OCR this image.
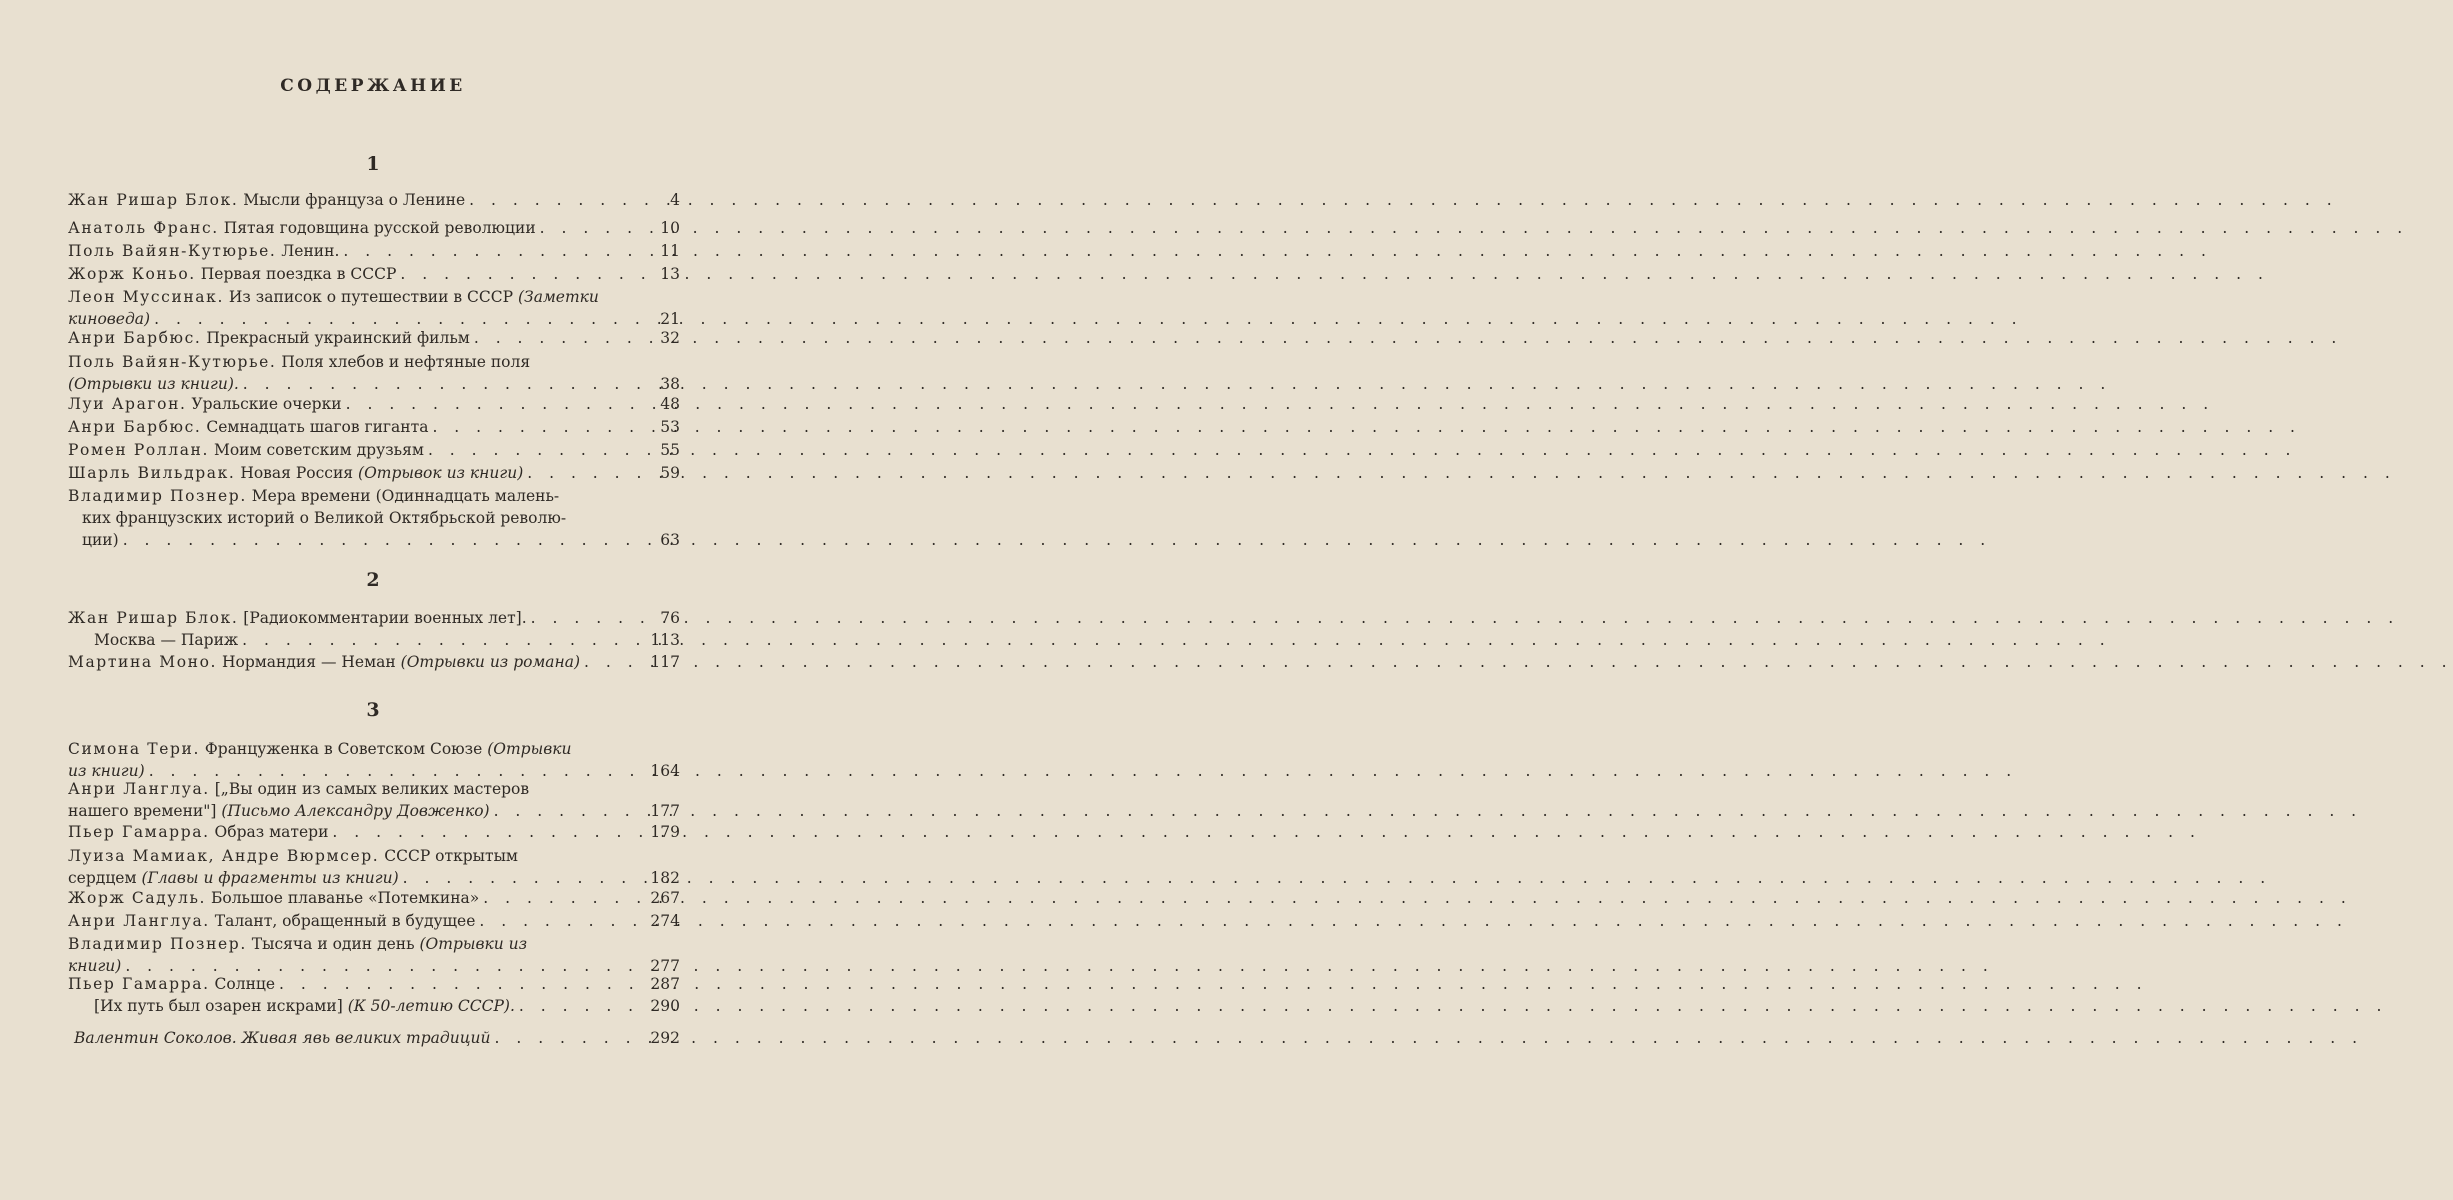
СОДЕРЖАНИЕ
1
Жан Ришар Блок. Мысли француза о Ленине . . .	4
Анатоль Франс. Пятая годовщина русской революции . . .	10
Поль Вайян-Кутюрье. Ленин. . . .	11
Жорж Коньо. Первая поездка в СССР . . .	13
Леон Муссинак. Из записок о путешествии в СССР (Заметки
киноведа) . . .	21
Анри Барбюс. Прекрасный украинский фильм . . .	32
Поль Вайян-Кутюрье. Поля хлебов и нефтяные поля
(Отрывки из книги). . . .	38
Луи Арагон. Уральские очерки . . .	48
Анри Барбюс. Семнадцать шагов гиганта . . .	53
Ромен Роллан. Моим советским друзьям . . .	55
Шарль Вильдрак. Новая Россия (Отрывок из книги) . . .	59
Владимир Познер. Мера времени (Одиннадцать малень-
ких французских историй о Великой Октябрьской револю-
ции) . . .	63
2
Жан Ришар Блок. [Радиокомментарии военных лет]. . . .	76
Москва — Париж . . .	113
Мартина Моно. Нормандия — Неман (Отрывки из романа) . . .	117
3
Симона Тери. Француженка в Советском Союзе (Отрывки
из книги) . . .	164
Анри Ланглуа. [„Вы один из самых великих мастеров
нашего времени"] (Письмо Александру Довженко) . . .	177
Пьер Гамарра. Образ матери . . .	179
Луиза Мамиак, Андре Вюрмсер. СССР открытым
сердцем (Главы и фрагменты из книги) . . .	182
Жорж Садуль. Большое плаванье «Потемкина» . . .	267
Анри Ланглуа. Талант, обращенный в будущее . . .	274
Владимир Познер. Тысяча и один день (Отрывки из
книги) . . .	277
Пьер Гамарра. Солнце . . .	287
[Их путь был озарен искрами] (К 50-летию СССР). . . .	290
Валентин Соколов. Живая явь великих традиций . . .	292
